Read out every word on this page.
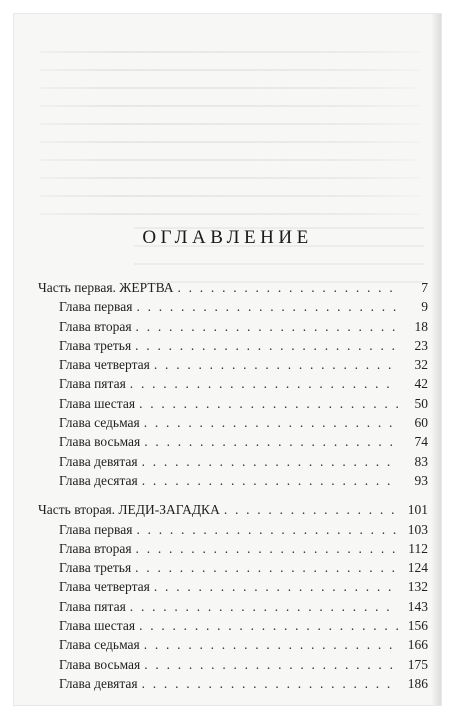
ОГЛАВЛЕНИЕ
Часть первая. ЖЕРТВА . . .	7
Глава первая . . .	9
Глава вторая . . .	18
Глава третья . . .	23
Глава четвертая . . .	32
Глава пятая . . .	42
Глава шестая . . .	50
Глава седьмая . . .	60
Глава восьмая . . .	74
Глава девятая . . .	83
Глава десятая . . .	93
Часть вторая. ЛЕДИ-ЗАГАДКА . . .	101
Глава первая . . .	103
Глава вторая . . .	112
Глава третья . . .	124
Глава четвертая . . .	132
Глава пятая . . .	143
Глава шестая . . .	156
Глава седьмая . . .	166
Глава восьмая . . .	175
Глава девятая . . .	186
